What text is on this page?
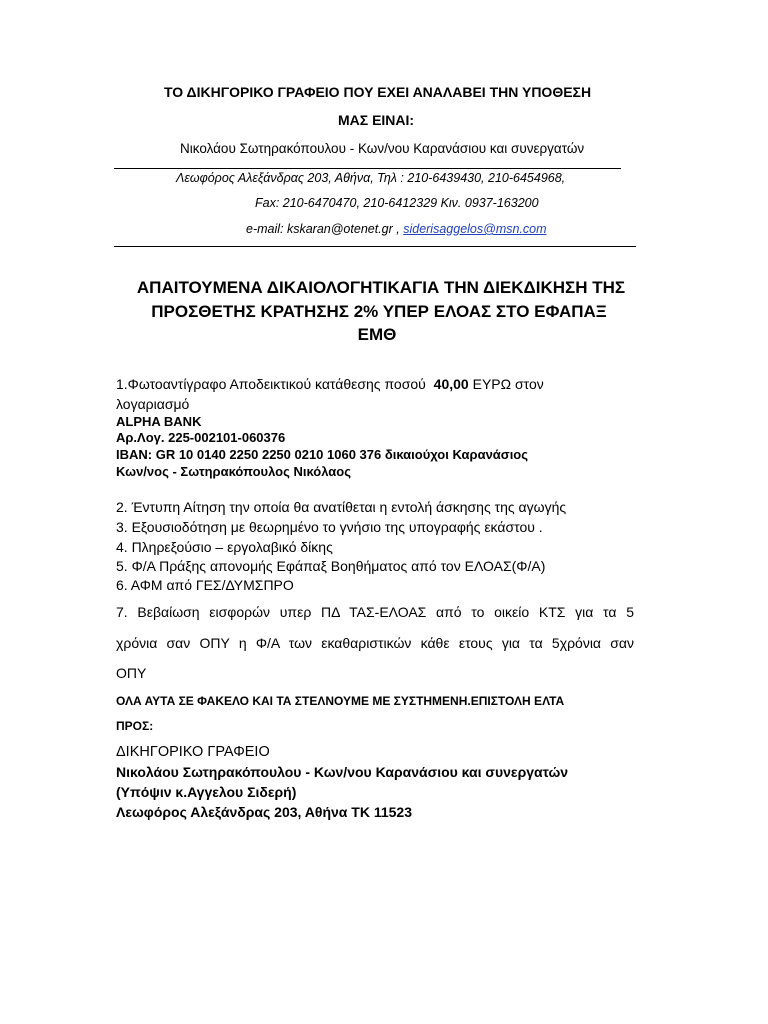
ΤΟ ΔΙΚΗΓΟΡΙΚΟ ΓΡΑΦΕΙΟ ΠΟΥ ΕΧΕΙ ΑΝΑΛΑΒΕΙ ΤΗΝ ΥΠΟΘΕΣΗ
ΜΑΣ ΕΙΝΑΙ:
Νικολάου Σωτηρακόπουλου - Κων/νου Καρανάσιου και συνεργατών
Λεωφόρος Αλεξάνδρας 203, Αθήνα, Τηλ : 210-6439430, 210-6454968,
Fax: 210-6470470, 210-6412329 Κιν. 0937-163200
e-mail: kskaran@otenet.gr , siderisaggelos@msn.com
ΑΠΑΙΤΟΥΜΕΝΑ ΔΙΚΑΙΟΛΟΓΗΤΙΚΑΓΙΑ ΤΗΝ ΔΙΕΚΔΙΚΗΣΗ ΤΗΣ
ΠΡΟΣΘΕΤΗΣ ΚΡΑΤΗΣΗΣ 2% ΥΠΕΡ ΕΛΟΑΣ ΣΤΟ ΕΦΑΠΑΞ
ΕΜΘ
1.Φωτοαντίγραφο Αποδεικτικού κατάθεσης ποσού 40,00 ΕΥΡΩ στον
λογαριασμό
ALPHA BANK
Αρ.Λογ. 225-002101-060376
IBAN: GR 10 0140 2250 2250 0210 1060 376 δικαιούχοι Καρανάσιος
Κων/νος - Σωτηρακόπουλος Νικόλαος
2. Έντυπη Αίτηση την οποία θα ανατίθεται η εντολή άσκησης της αγωγής
3. Εξουσιοδότηση με θεωρημένο το γνήσιο της υπογραφής εκάστου .
4. Πληρεξούσιο – εργολαβικό δίκης
5. Φ/Α Πράξης απονομής Εφάπαξ Βοηθήματος από τον ΕΛΟΑΣ(Φ/Α)
6. ΑΦΜ από ΓΕΣ/ΔΥΜΣΠΡΟ
7. Βεβαίωση εισφορών υπερ ΠΔ ΤΑΣ-ΕΛΟΑΣ από το οικείο ΚΤΣ για τα 5
χρόνια σαν ΟΠΥ η Φ/Α των εκαθαριστικών κάθε ετους για τα 5χρόνια σαν
ΟΠΥ
ΟΛΑ ΑΥΤΑ ΣΕ ΦΑΚΕΛΟ ΚΑΙ ΤΑ ΣΤΕΛΝΟΥΜΕ ΜΕ ΣΥΣΤΗΜΕΝΗ.ΕΠΙΣΤΟΛΗ ΕΛΤΑ
ΠΡΟΣ:
ΔΙΚΗΓΟΡΙΚΟ ΓΡΑΦΕΙΟ
Νικολάου Σωτηρακόπουλου - Κων/νου Καρανάσιου και συνεργατών
(Υπόψιν κ.Αγγελου Σιδερή)
Λεωφόρος Αλεξάνδρας 203, Αθήνα ΤΚ 11523
